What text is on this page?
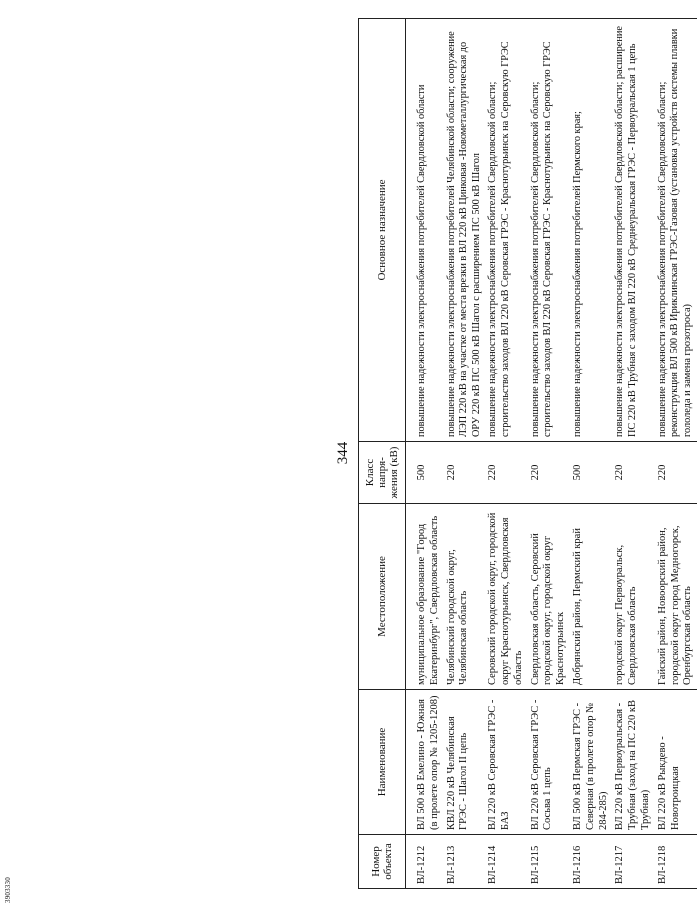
344
Номер объекта	Наименование	Местоположение	Класс напря-жения (кВ)	Основное назначение
ВЛ-1212	ВЛ 500 кВ Емелино - Южная (в пролете опор № 1205-1208)	муниципальное образование "Город Екатеринбург", Свердловская область	500	повышение надежности электроснабжения потребителей Свердловской области
ВЛ-1213	КВЛ 220 кВ Челябинская ГРЭС - Шагол II цепь	Челябинский городской округ, Челябинская область	220	повышение надежности электроснабжения потребителей Челябинской области; сооружение ЛЭП 220 кВ на участке от места врезки в ВЛ 220 кВ Цинковая -Новометаллургическая до ОРУ 220 кВ ПС 500 кВ Шагол с расширением ПС 500 кВ Шагол
ВЛ-1214	ВЛ 220 кВ Серовская ГРЭС - БАЗ	Серовский городской округ, городской округ Краснотурьинск, Свердловская область	220	повышение надежности электроснабжения потребителей Свердловской области; строительство заходов ВЛ 220 кВ Серовская ГРЭС - Краснотурьинск на Серовскую ГРЭС
ВЛ-1215	ВЛ 220 кВ Серовская ГРЭС - Сосьва 1 цепь	Свердловская область, Серовский городской округ, городской округ Краснотурьинск	220	повышение надежности электроснабжения потребителей Свердловской области; строительство заходов ВЛ 220 кВ Серовская ГРЭС - Краснотурьинск на Серовскую ГРЭС
ВЛ-1216	ВЛ 500 кВ Пермская ГРЭС - Северная (в пролете опор № 284-285)	Добрянский район, Пермский край	500	повышение надежности электроснабжения потребителей Пермского края;
ВЛ-1217	ВЛ 220 кВ Первоуральская - Трубная (заход на ПС 220 кВ Трубная)	городской округ Первоуральск, Свердловская область	220	повышение надежности электроснабжения потребителей Свердловской области; расширение ПС 220 кВ Трубная с заходом ВЛ 220 кВ Среднеуральская ГРЭС - Первоуральская 1 цепь
ВЛ-1218	ВЛ 220 кВ Рыкдево - Новотроицкая	Гайский район, Новоорский район, городской округ город Медногорск, Оренбургская область	220	повышение надежности электроснабжения потребителей Свердловской области; реконструкция ВЛ 500 кВ Ириклинская ГРЭС-Газовая (установка устройств системы плавки гололеда и замена грозотроса)
3903330
